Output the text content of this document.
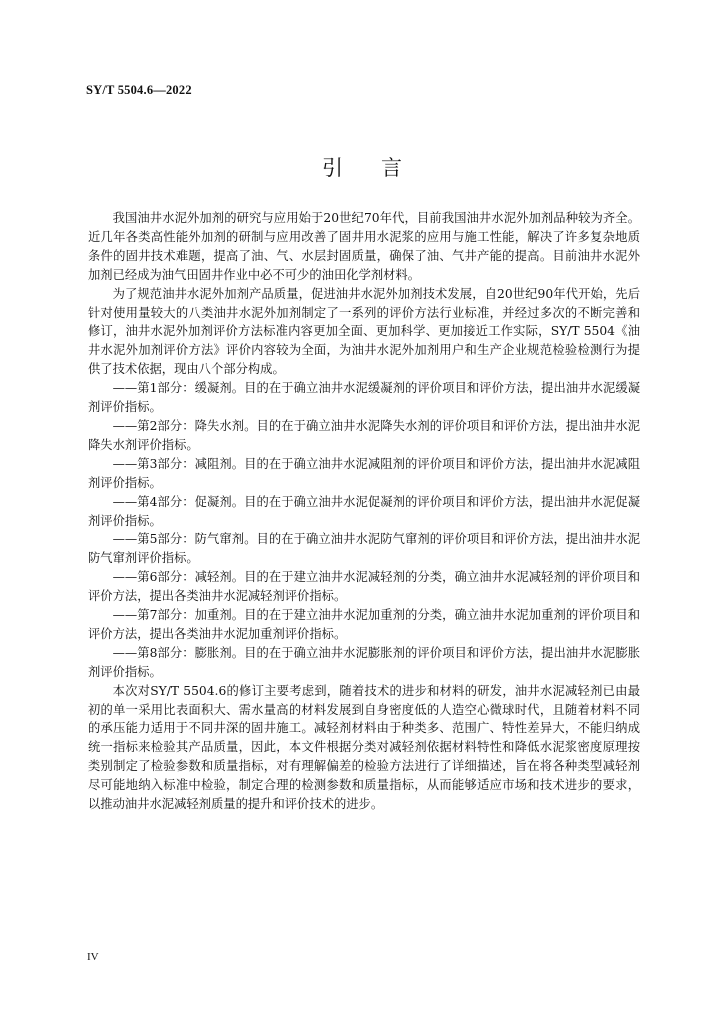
SY/T 5504.6—2022
引言

我国油井水泥外加剂的研究与应用始于20世纪70年代，目前我国油井水泥外加剂品种较为齐全。近几年各类高性能外加剂的研制与应用改善了固井用水泥浆的应用与施工性能，解决了许多复杂地质条件的固井技术难题，提高了油、气、水层封固质量，确保了油、气井产能的提高。目前油井水泥外加剂已经成为油气田固井作业中必不可少的油田化学剂材料。

为了规范油井水泥外加剂产品质量，促进油井水泥外加剂技术发展，自20世纪90年代开始，先后针对使用量较大的八类油井水泥外加剂制定了一系列的评价方法行业标准，并经过多次的不断完善和修订，油井水泥外加剂评价方法标准内容更加全面、更加科学、更加接近工作实际，SY/T 5504《油井水泥外加剂评价方法》评价内容较为全面，为油井水泥外加剂用户和生产企业规范检验检测行为提供了技术依据，现由八个部分构成。

——第1部分：缓凝剂。目的在于确立油井水泥缓凝剂的评价项目和评价方法，提出油井水泥缓凝剂评价指标。

——第2部分：降失水剂。目的在于确立油井水泥降失水剂的评价项目和评价方法，提出油井水泥降失水剂评价指标。

——第3部分：减阻剂。目的在于确立油井水泥减阻剂的评价项目和评价方法，提出油井水泥减阻剂评价指标。

——第4部分：促凝剂。目的在于确立油井水泥促凝剂的评价项目和评价方法，提出油井水泥促凝剂评价指标。

——第5部分：防气窜剂。目的在于确立油井水泥防气窜剂的评价项目和评价方法，提出油井水泥防气窜剂评价指标。

——第6部分：减轻剂。目的在于建立油井水泥减轻剂的分类，确立油井水泥减轻剂的评价项目和评价方法，提出各类油井水泥减轻剂评价指标。

——第7部分：加重剂。目的在于建立油井水泥加重剂的分类，确立油井水泥加重剂的评价项目和评价方法，提出各类油井水泥加重剂评价指标。

——第8部分：膨胀剂。目的在于确立油井水泥膨胀剂的评价项目和评价方法，提出油井水泥膨胀剂评价指标。

本次对SY/T 5504.6的修订主要考虑到，随着技术的进步和材料的研发，油井水泥减轻剂已由最初的单一采用比表面积大、需水量高的材料发展到自身密度低的人造空心微球时代，且随着材料不同的承压能力适用于不同井深的固井施工。减轻剂材料由于种类多、范围广、特性差异大，不能归纳成统一指标来检验其产品质量，因此，本文件根据分类对减轻剂依据材料特性和降低水泥浆密度原理按类别制定了检验参数和质量指标，对有理解偏差的检验方法进行了详细描述，旨在将各种类型减轻剂尽可能地纳入标准中检验，制定合理的检测参数和质量指标，从而能够适应市场和技术进步的要求，以推动油井水泥减轻剂质量的提升和评价技术的进步。

IV
